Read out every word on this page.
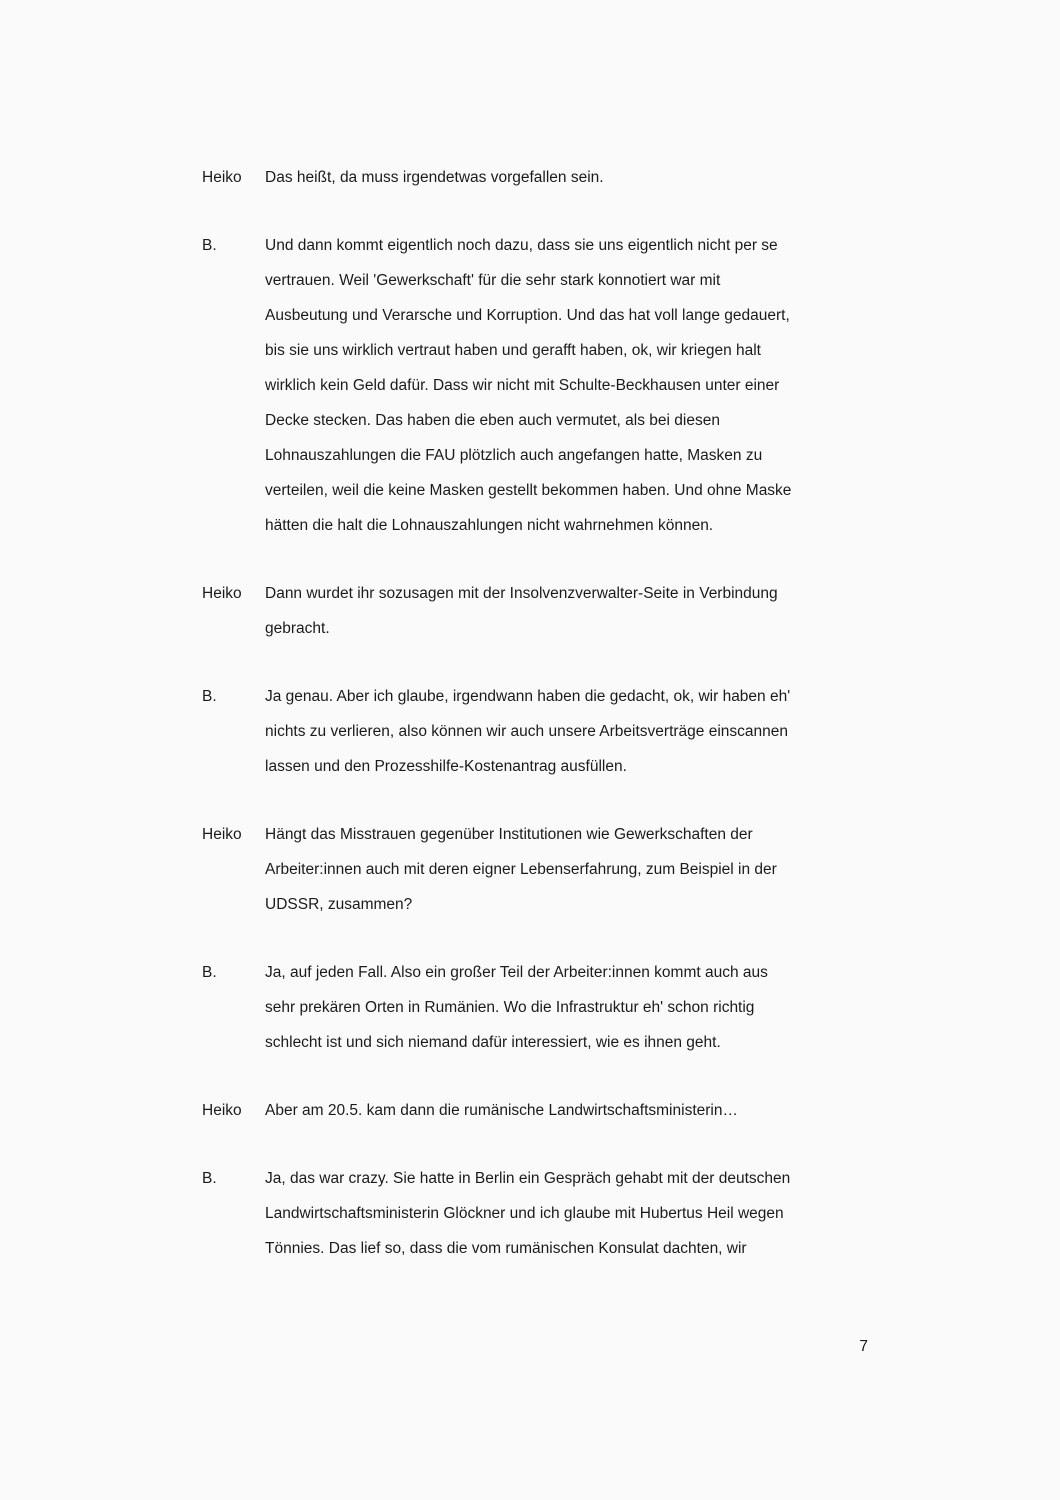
Heiko	Das heißt, da muss irgendetwas vorgefallen sein.
B.	Und dann kommt eigentlich noch dazu, dass sie uns eigentlich nicht per se
vertrauen. Weil 'Gewerkschaft' für die sehr stark konnotiert war mit
Ausbeutung und Verarsche und Korruption. Und das hat voll lange gedauert,
bis sie uns wirklich vertraut haben und gerafft haben, ok, wir kriegen halt
wirklich kein Geld dafür. Dass wir nicht mit Schulte-Beckhausen unter einer
Decke stecken. Das haben die eben auch vermutet, als bei diesen
Lohnauszahlungen die FAU plötzlich auch angefangen hatte, Masken zu
verteilen, weil die keine Masken gestellt bekommen haben. Und ohne Maske
hätten die halt die Lohnauszahlungen nicht wahrnehmen können.
Heiko	Dann wurdet ihr sozusagen mit der Insolvenzverwalter-Seite in Verbindung
gebracht.
B.	Ja genau. Aber ich glaube, irgendwann haben die gedacht, ok, wir haben eh'
nichts zu verlieren, also können wir auch unsere Arbeitsverträge einscannen
lassen und den Prozesshilfe-Kostenantrag ausfüllen.
Heiko	Hängt das Misstrauen gegenüber Institutionen wie Gewerkschaften der
Arbeiter:innen auch mit deren eigner Lebenserfahrung, zum Beispiel in der
UDSSR, zusammen?
B.	Ja, auf jeden Fall. Also ein großer Teil der Arbeiter:innen kommt auch aus
sehr prekären Orten in Rumänien. Wo die Infrastruktur eh' schon richtig
schlecht ist und sich niemand dafür interessiert, wie es ihnen geht.
Heiko	Aber am 20.5. kam dann die rumänische Landwirtschaftsministerin…
B.	Ja, das war crazy. Sie hatte in Berlin ein Gespräch gehabt mit der deutschen
Landwirtschaftsministerin Glöckner und ich glaube mit Hubertus Heil wegen
Tönnies. Das lief so, dass die vom rumänischen Konsulat dachten, wir
7
